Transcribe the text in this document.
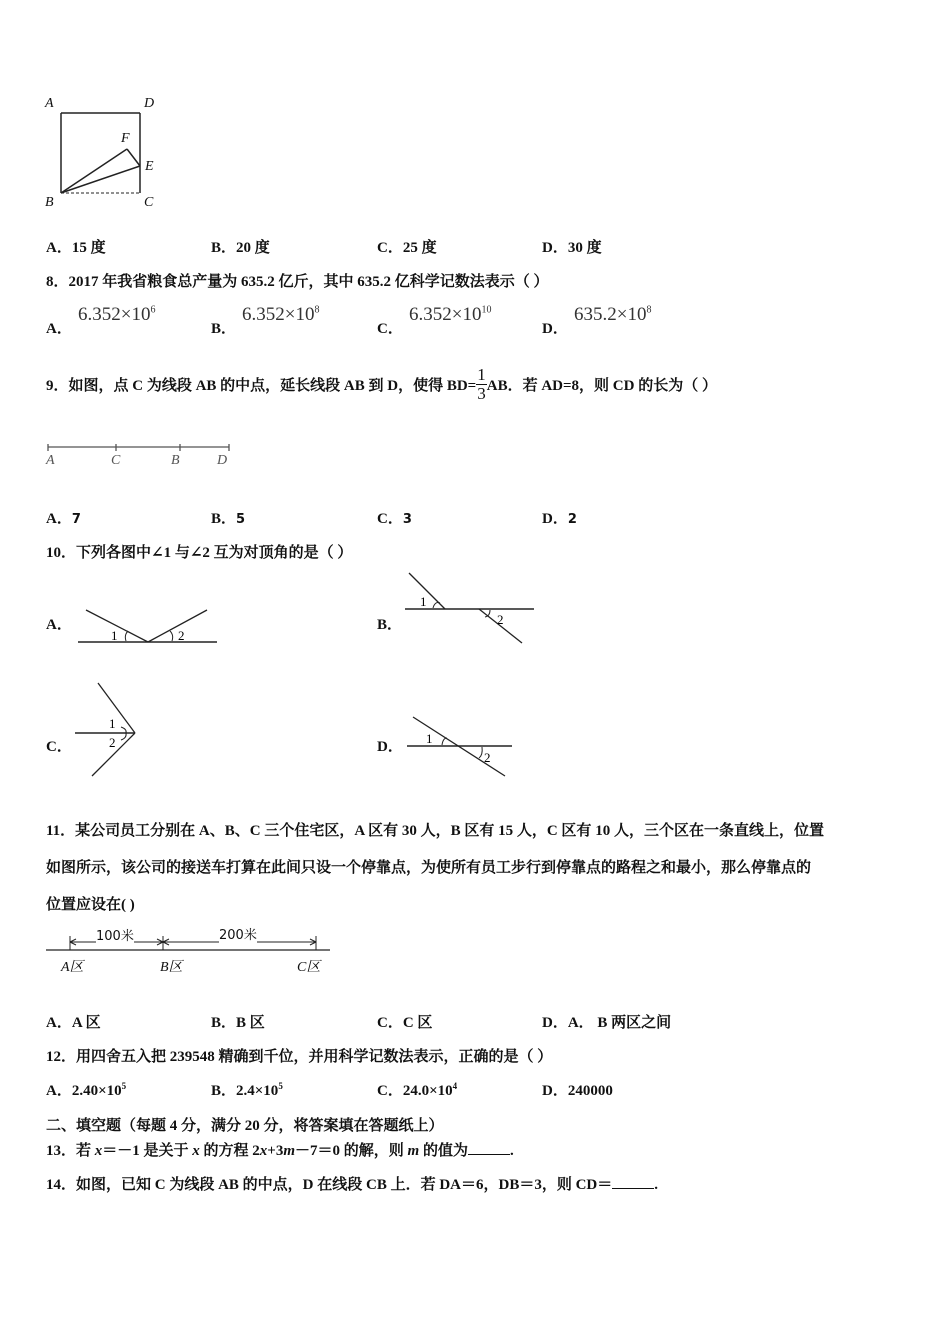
A	D
F
E
B	C
A．15 度	B．20 度	C．25 度	D．30 度
8．2017 年我省粮食总产量为 635.2 亿斤，其中 635.2 亿科学记数法表示（ ）
A．
$6.352\times 10^6$
B．
$6.352\times 10^8$
C．
$6.352\times 10^{10}$
D．
$635.2\times 10^8$
9．如图，点 C 为线段 AB 的中点，延长线段 AB 到 D，使得 $BD= \frac{1}{3}$ AB．若 AD=8，则 CD 的长为（ ）
A	C	B	D
A．7	B．5	C．3	D．2
10．下列各图中∠1 与∠2 互为对顶角的是（ ）
A．	B．
C．	D．
1	2
1
2
1
2	1
2
11．某公司员工分别在 A、B、C 三个住宅区，A 区有 30 人，B 区有 15 人，C 区有 10 人，三个区在一条直线上，位置
如图所示，该公司的接送车打算在此间只设一个停靠点，为使所有员工步行到停靠点的路程之和最小，那么停靠点的
位置应设在( )
100米	200米
A区	B区	C区
A．A 区	B．B 区	C．C 区	D．A． B 两区之间
12．用四舍五入把 239548 精确到千位，并用科学记数法表示，正确的是（ ）
A．$2.40\times 10^5$	B．$2.4\times 10^5$	C．$24.0\times 10^4$	D．240000
二、填空题（每题 4 分，满分 20 分，将答案填在答题纸上）
13．若 x＝－1 是关于 x 的方程 2x+3m－7＝0 的解，则 m 的值为	.
14．如图，已知 C 为线段 AB 的中点，D 在线段 CB 上．若 DA＝6，DB＝3，则 CD＝	.
